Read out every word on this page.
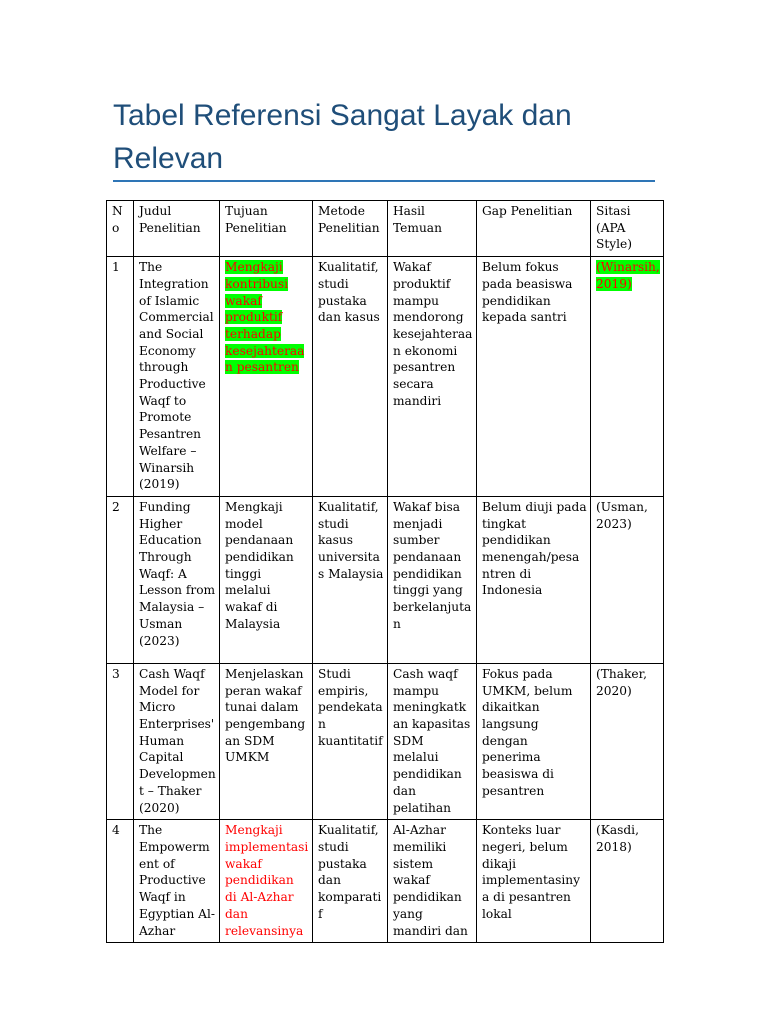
Tabel Referensi Sangat Layak dan Relevan
N o	Judul Penelitian	Tujuan Penelitian	Metode Penelitian	Hasil Temuan	Gap Penelitian	Sitasi (APA Style)
1	The Integration of Islamic Commercial and Social Economy through Productive Waqf to Promote Pesantren Welfare – Winarsih (2019)	Mengkaji kontribusi wakaf produktif terhadap kesejahteraan pesantren	Kualitatif, studi pustaka dan kasus	Wakaf produktif mampu mendorong kesejahteraan ekonomi pesantren secara mandiri	Belum fokus pada beasiswa pendidikan kepada santri	(Winarsih, 2019)
2	Funding Higher Education Through Waqf: A Lesson from Malaysia – Usman (2023)	Mengkaji model pendanaan pendidikan tinggi melalui wakaf di Malaysia	Kualitatif, studi kasus universitas Malaysia	Wakaf bisa menjadi sumber pendanaan pendidikan tinggi yang berkelanjutan	Belum diuji pada tingkat pendidikan menengah/pesantren di Indonesia	(Usman, 2023)
3	Cash Waqf Model for Micro Enterprises' Human Capital Development – Thaker (2020)	Menjelaskan peran wakaf tunai dalam pengembangan SDM UMKM	Studi empiris, pendekatan kuantitatif	Cash waqf mampu meningkatkan kapasitas SDM melalui pendidikan dan pelatihan	Fokus pada UMKM, belum dikaitkan langsung dengan penerima beasiswa di pesantren	(Thaker, 2020)
4	The Empowerment of Productive Waqf in Egyptian Al-Azhar	Mengkaji implementasi wakaf pendidikan di Al-Azhar dan relevansinya	Kualitatif, studi pustaka dan komparatif	Al-Azhar memiliki sistem wakaf pendidikan yang mandiri dan	Konteks luar negeri, belum dikaji implementasinya di pesantren lokal	(Kasdi, 2018)
